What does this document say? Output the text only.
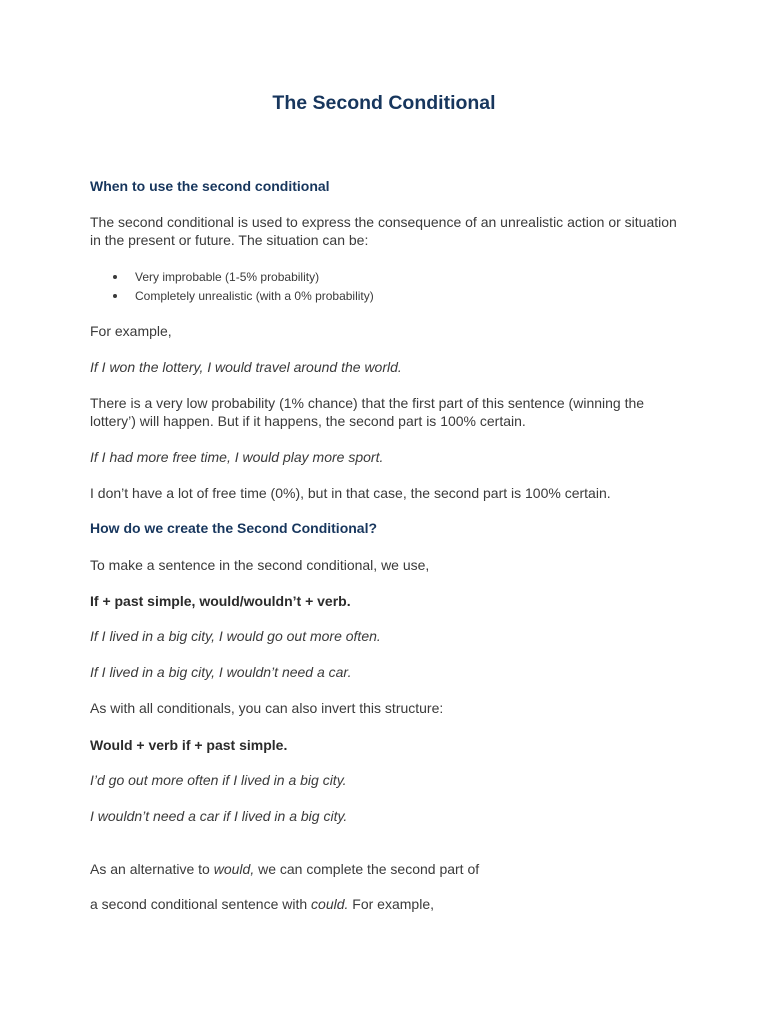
The Second Conditional
When to use the second conditional

The second conditional is used to express the consequence of an unrealistic action or situation in the present or future. The situation can be:

Very improbable (1-5% probability)
Completely unrealistic (with a 0% probability)

For example,

If I won the lottery, I would travel around the world.

There is a very low probability (1% chance) that the first part of this sentence (winning the lottery’) will happen. But if it happens, the second part is 100% certain.

If I had more free time, I would play more sport.

I don’t have a lot of free time (0%), but in that case, the second part is 100% certain.

How do we create the Second Conditional?

To make a sentence in the second conditional, we use,

If + past simple, would/wouldn’t + verb.

If I lived in a big city, I would go out more often.

If I lived in a big city, I wouldn’t need a car.

As with all conditionals, you can also invert this structure:

Would + verb if + past simple.

I’d go out more often if I lived in a big city.

I wouldn’t need a car if I lived in a big city.

As an alternative to would, we can complete the second part of

a second conditional sentence with could. For example,
